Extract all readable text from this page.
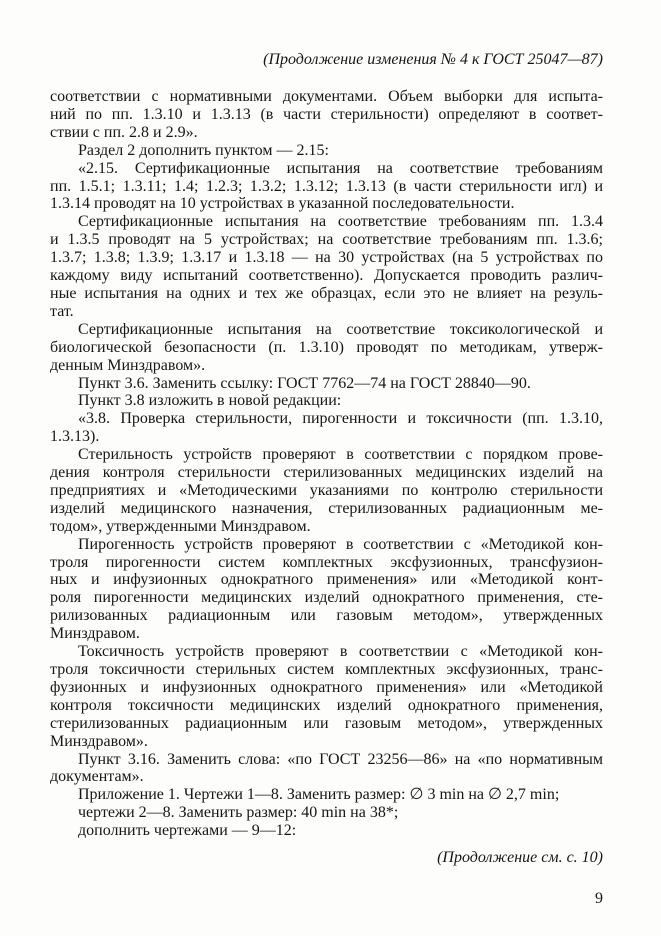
(Продолжение изменения № 4 к ГОСТ 25047—87)
соответствии с нормативными документами. Объем выборки для испыта-
ний по пп. 1.3.10 и 1.3.13 (в части стерильности) определяют в соответ-
ствии с пп. 2.8 и 2.9».
Раздел 2 дополнить пунктом — 2.15:
«2.15. Сертификационные испытания на соответствие требованиям
пп. 1.5.1; 1.3.11; 1.4; 1.2.3; 1.3.2; 1.3.12; 1.3.13 (в части стерильности игл) и
1.3.14 проводят на 10 устройствах в указанной последовательности.
Сертификационные испытания на соответствие требованиям пп. 1.3.4
и 1.3.5 проводят на 5 устройствах; на соответствие требованиям пп. 1.3.6;
1.3.7; 1.3.8; 1.3.9; 1.3.17 и 1.3.18 — на 30 устройствах (на 5 устройствах по
каждому виду испытаний соответственно). Допускается проводить различ-
ные испытания на одних и тех же образцах, если это не влияет на резуль-
тат.
Сертификационные испытания на соответствие токсикологической и
биологической безопасности (п. 1.3.10) проводят по методикам, утверж-
денным Минздравом».
Пункт 3.6. Заменить ссылку: ГОСТ 7762—74 на ГОСТ 28840—90.
Пункт 3.8 изложить в новой редакции:
«3.8. Проверка стерильности, пирогенности и токсичности (пп. 1.3.10,
1.3.13).
Стерильность устройств проверяют в соответствии с порядком прове-
дения контроля стерильности стерилизованных медицинских изделий на
предприятиях и «Методическими указаниями по контролю стерильности
изделий медицинского назначения, стерилизованных радиационным ме-
тодом», утвержденными Минздравом.
Пирогенность устройств проверяют в соответствии с «Методикой кон-
троля пирогенности систем комплектных эксфузионных, трансфузион-
ных и инфузионных однократного применения» или «Методикой конт-
роля пирогенности медицинских изделий однократного применения, сте-
рилизованных радиационным или газовым методом», утвержденных
Минздравом.
Токсичность устройств проверяют в соответствии с «Методикой кон-
троля токсичности стерильных систем комплектных эксфузионных, транс-
фузионных и инфузионных однократного применения» или «Методикой
контроля токсичности медицинских изделий однократного применения,
стерилизованных радиационным или газовым методом», утвержденных
Минздравом».
Пункт 3.16. Заменить слова: «по ГОСТ 23256—86» на «по нормативным
документам».
Приложение 1. Чертежи 1—8. Заменить размер: ∅ 3 min на ∅ 2,7 min;
чертежи 2—8. Заменить размер: 40 min на 38*;
дополнить чертежами — 9—12:
(Продолжение см. с. 10)
9
